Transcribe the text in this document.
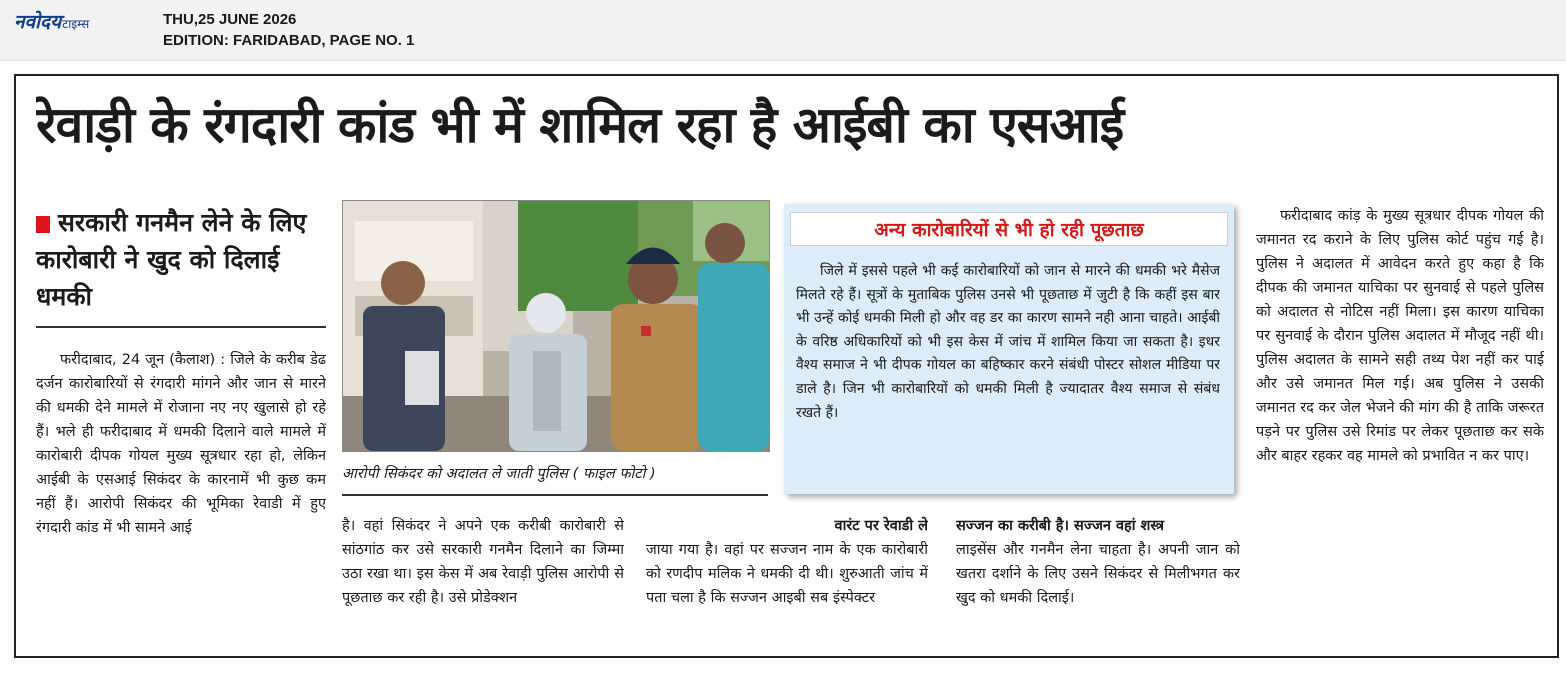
नवोदय टाइम्स	THU,25 JUNE 2026
EDITION: FARIDABAD, PAGE NO. 1
रेवाड़ी के रंगदारी कांड भी में शामिल रहा है आईबी का एसआई
सरकारी गनमैन लेने के लिए कारोबारी ने खुद को दिलाई धमकी

फरीदाबाद, 24 जून (कैलाश) : जिले के करीब डेढ दर्जन कारोबारियों से रंगदारी मांगने और जान से मारने की धमकी देने मामले में रोजाना नए नए खुलासे हो रहे हैं। भले ही फरीदाबाद में धमकी दिलाने वाले मामले में कारोबारी दीपक गोयल मुख्य सूत्रधार रहा हो, लेकिन आईबी के एसआई सिकंदर के कारनामें भी कुछ कम नहीं हैं। आरोपी सिकंदर की भूमिका रेवाडी में हुए रंगदारी कांड में भी सामने आई

आरोपी सिकंदर को अदालत ले जाती पुलिस ( फाइल फोटो )

है। वहां सिकंदर ने अपने एक करीबी कारोबारी से सांठगांठ कर उसे सरकारी गनमैन दिलाने का जिम्मा उठा रखा था। इस केस में अब रेवाड़ी पुलिस आरोपी से पूछताछ कर रही है। उसे प्रोडेक्शन

वारंट पर रेवाडी ले

जाया गया है। वहां पर सज्जन नाम के एक कारोबारी को रणदीप मलिक ने धमकी दी थी। शुरुआती जांच में पता चला है कि सज्जन आइबी सब इंस्पेक्टर

सज्जन का करीबी है। सज्जन वहां शस्त्र

लाइसेंस और गनमैन लेना चाहता है। अपनी जान को खतरा दर्शाने के लिए उसने सिकंदर से मिलीभगत कर खुद को धमकी दिलाई।

अन्य कारोबारियों से भी हो रही पूछताछ

जिले में इससे पहले भी कई कारोबारियों को जान से मारने की धमकी भरे मैसेज मिलते रहे हैं। सूत्रों के मुताबिक पुलिस उनसे भी पूछताछ में जुटी है कि कहीं इस बार भी उन्हें कोई धमकी मिली हो और वह डर का कारण सामने नही आना चाहते। आईबी के वरिष्ठ अधिकारियों को भी इस केस में जांच में शामिल किया जा सकता है। इधर वैश्य समाज ने भी दीपक गोयल का बहिष्कार करने संबंधी पोस्टर सोशल मीडिया पर डाले है। जिन भी कारोबारियों को धमकी मिली है ज्यादातर वैश्य समाज से संबंध रखते हैं।

फरीदाबाद कांड़ के मुख्य सूत्रधार दीपक गोयल की जमानत रद कराने के लिए पुलिस कोर्ट पहुंच गई है। पुलिस ने अदालत में आवेदन करते हुए कहा है कि दीपक की जमानत याचिका पर सुनवाई से पहले पुलिस को अदालत से नोटिस नहीं मिला। इस कारण याचिका पर सुनवाई के दौरान पुलिस अदालत में मौजूद नहीं थी। पुलिस अदालत के सामने सही तथ्य पेश नहीं कर पाई और उसे जमानत मिल गई। अब पुलिस ने उसकी जमानत रद कर जेल भेजने की मांग की है ताकि जरूरत पड़ने पर पुलिस उसे रिमांड पर लेकर पूछताछ कर सके और बाहर रहकर वह मामले को प्रभावित न कर पाए।
